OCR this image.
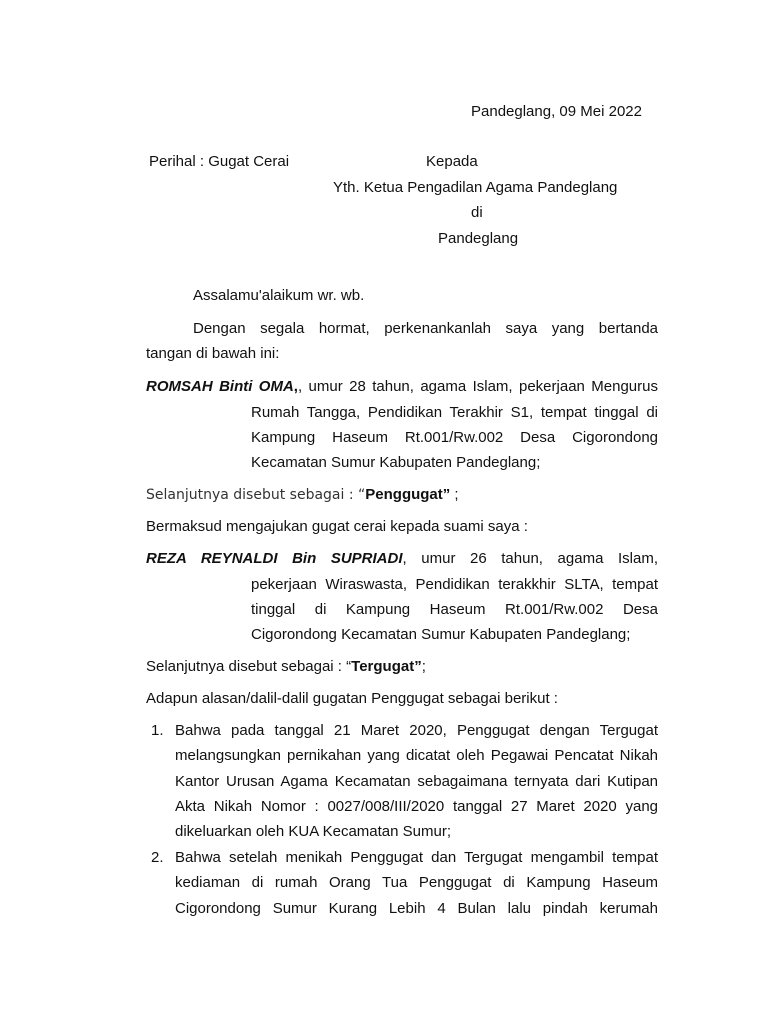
Pandeglang, 09 Mei 2022
Perihal : Gugat Cerai	Kepada
Yth. Ketua Pengadilan Agama Pandeglang
di
Pandeglang
Assalamu'alaikum wr. wb.
Dengan segala hormat, perkenankanlah saya yang bertanda
tangan di bawah ini:
ROMSAH Binti OMA,, umur 28 tahun, agama Islam, pekerjaan Mengurus
Rumah Tangga, Pendidikan Terakhir S1, tempat tinggal di
Kampung Haseum Rt.001/Rw.002 Desa Cigorondong
Kecamatan Sumur Kabupaten Pandeglang;
Selanjutnya disebut sebagai : “Penggugat” ;
Bermaksud mengajukan gugat cerai kepada suami saya :
REZA REYNALDI Bin SUPRIADI, umur 26 tahun, agama Islam,
pekerjaan Wiraswasta, Pendidikan terakkhir SLTA, tempat
tinggal di Kampung Haseum Rt.001/Rw.002 Desa
Cigorondong Kecamatan Sumur Kabupaten Pandeglang;
Selanjutnya disebut sebagai : “Tergugat”;
Adapun alasan/dalil-dalil gugatan Penggugat sebagai berikut :
1. Bahwa pada tanggal 21 Maret 2020, Penggugat dengan Tergugat
melangsungkan pernikahan yang dicatat oleh Pegawai Pencatat Nikah
Kantor Urusan Agama Kecamatan sebagaimana ternyata dari Kutipan
Akta Nikah Nomor : 0027/008/III/2020 tanggal 27 Maret 2020 yang
dikeluarkan oleh KUA Kecamatan Sumur;
2. Bahwa setelah menikah Penggugat dan Tergugat mengambil tempat
kediaman di rumah Orang Tua Penggugat di Kampung Haseum
Cigorondong Sumur Kurang Lebih 4 Bulan lalu pindah kerumah
